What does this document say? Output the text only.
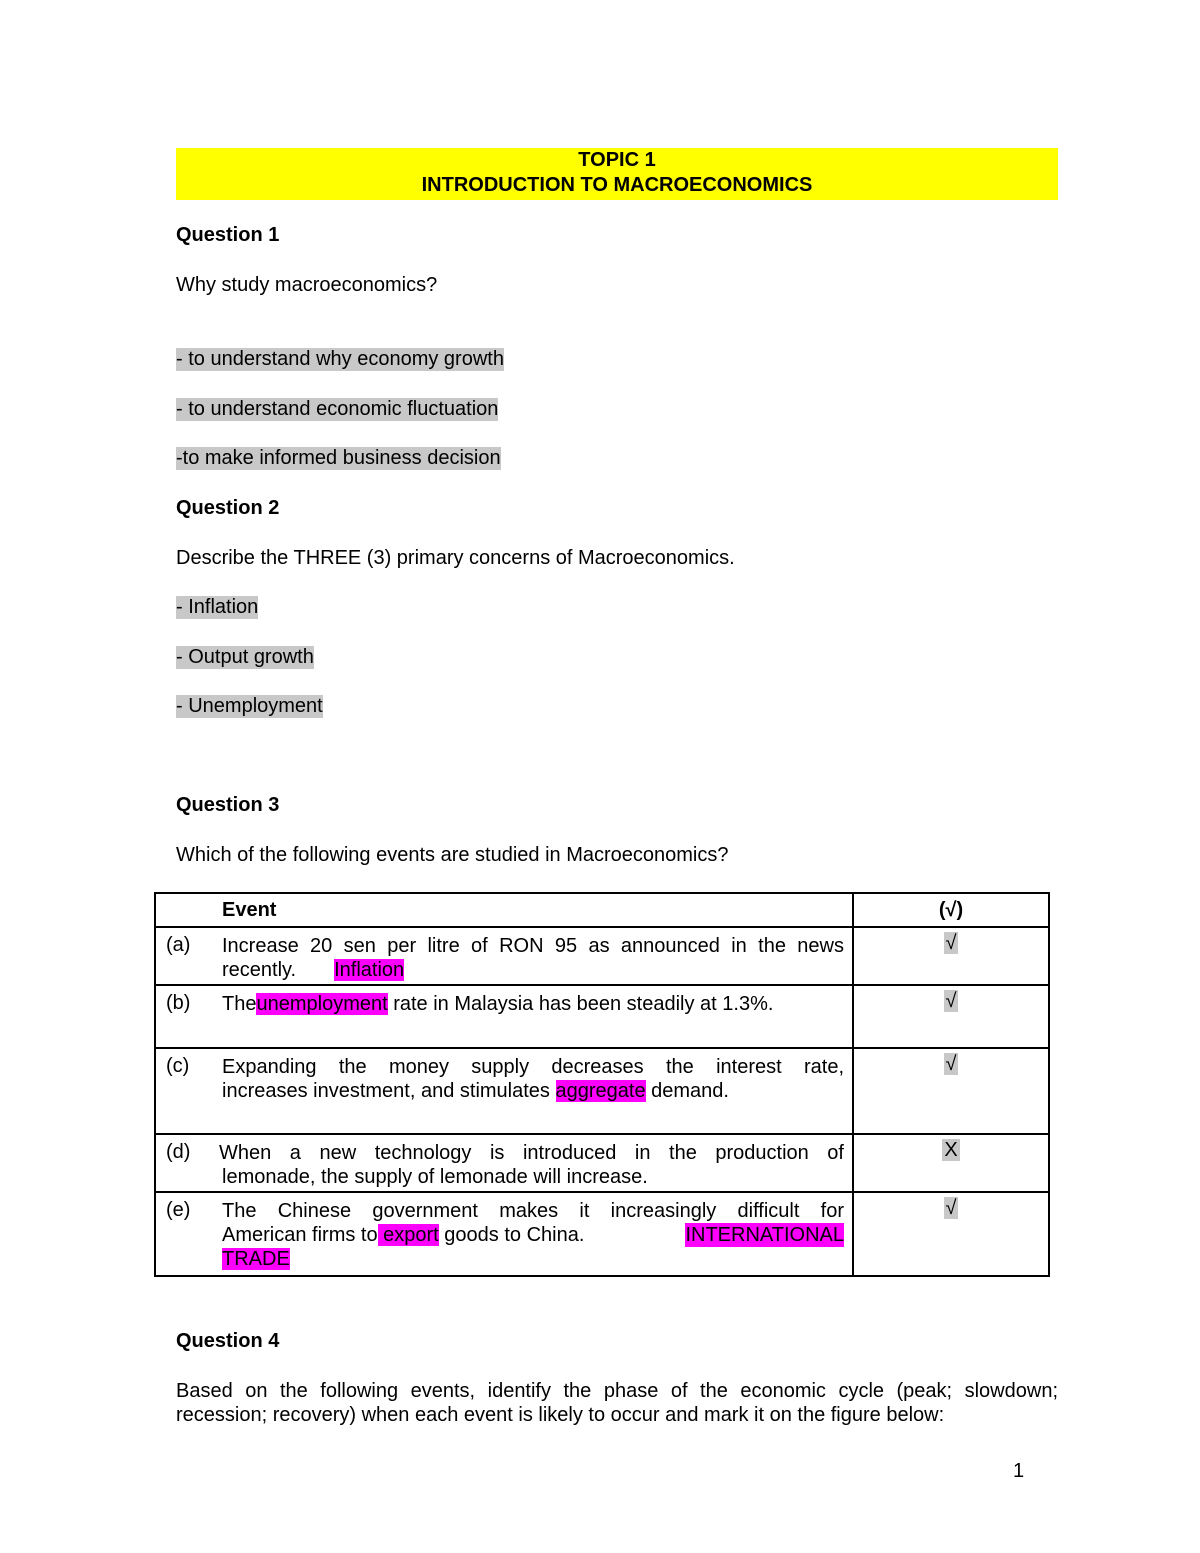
TOPIC 1
INTRODUCTION TO MACROECONOMICS
Question 1
Why study macroeconomics?
- to understand why economy growth
- to understand economic fluctuation
-to make informed business decision
Question 2
Describe the THREE (3) primary concerns of Macroeconomics.
- Inflation
- Output growth
- Unemployment
Question 3
Which of the following events are studied in Macroeconomics?
Event	(√)

(a) Increase 20 sen per litre of RON 95 as announced in the news
recently. Inflation	√

(b) Theunemployment rate in Malaysia has been steadily at 1.3%.	√

(c) Expanding the money supply decreases the interest rate,
increases investment, and stimulates aggregate demand.	√

(d) When a new technology is introduced in the production of
lemonade, the supply of lemonade will increase.	X

(e) The Chinese government makes it increasingly difficult for
American firms to export goods to China. INTERNATIONAL
TRADE	√
Question 4
Based on the following events, identify the phase of the economic cycle (peak; slowdown;
recession; recovery) when each event is likely to occur and mark it on the figure below:
1
